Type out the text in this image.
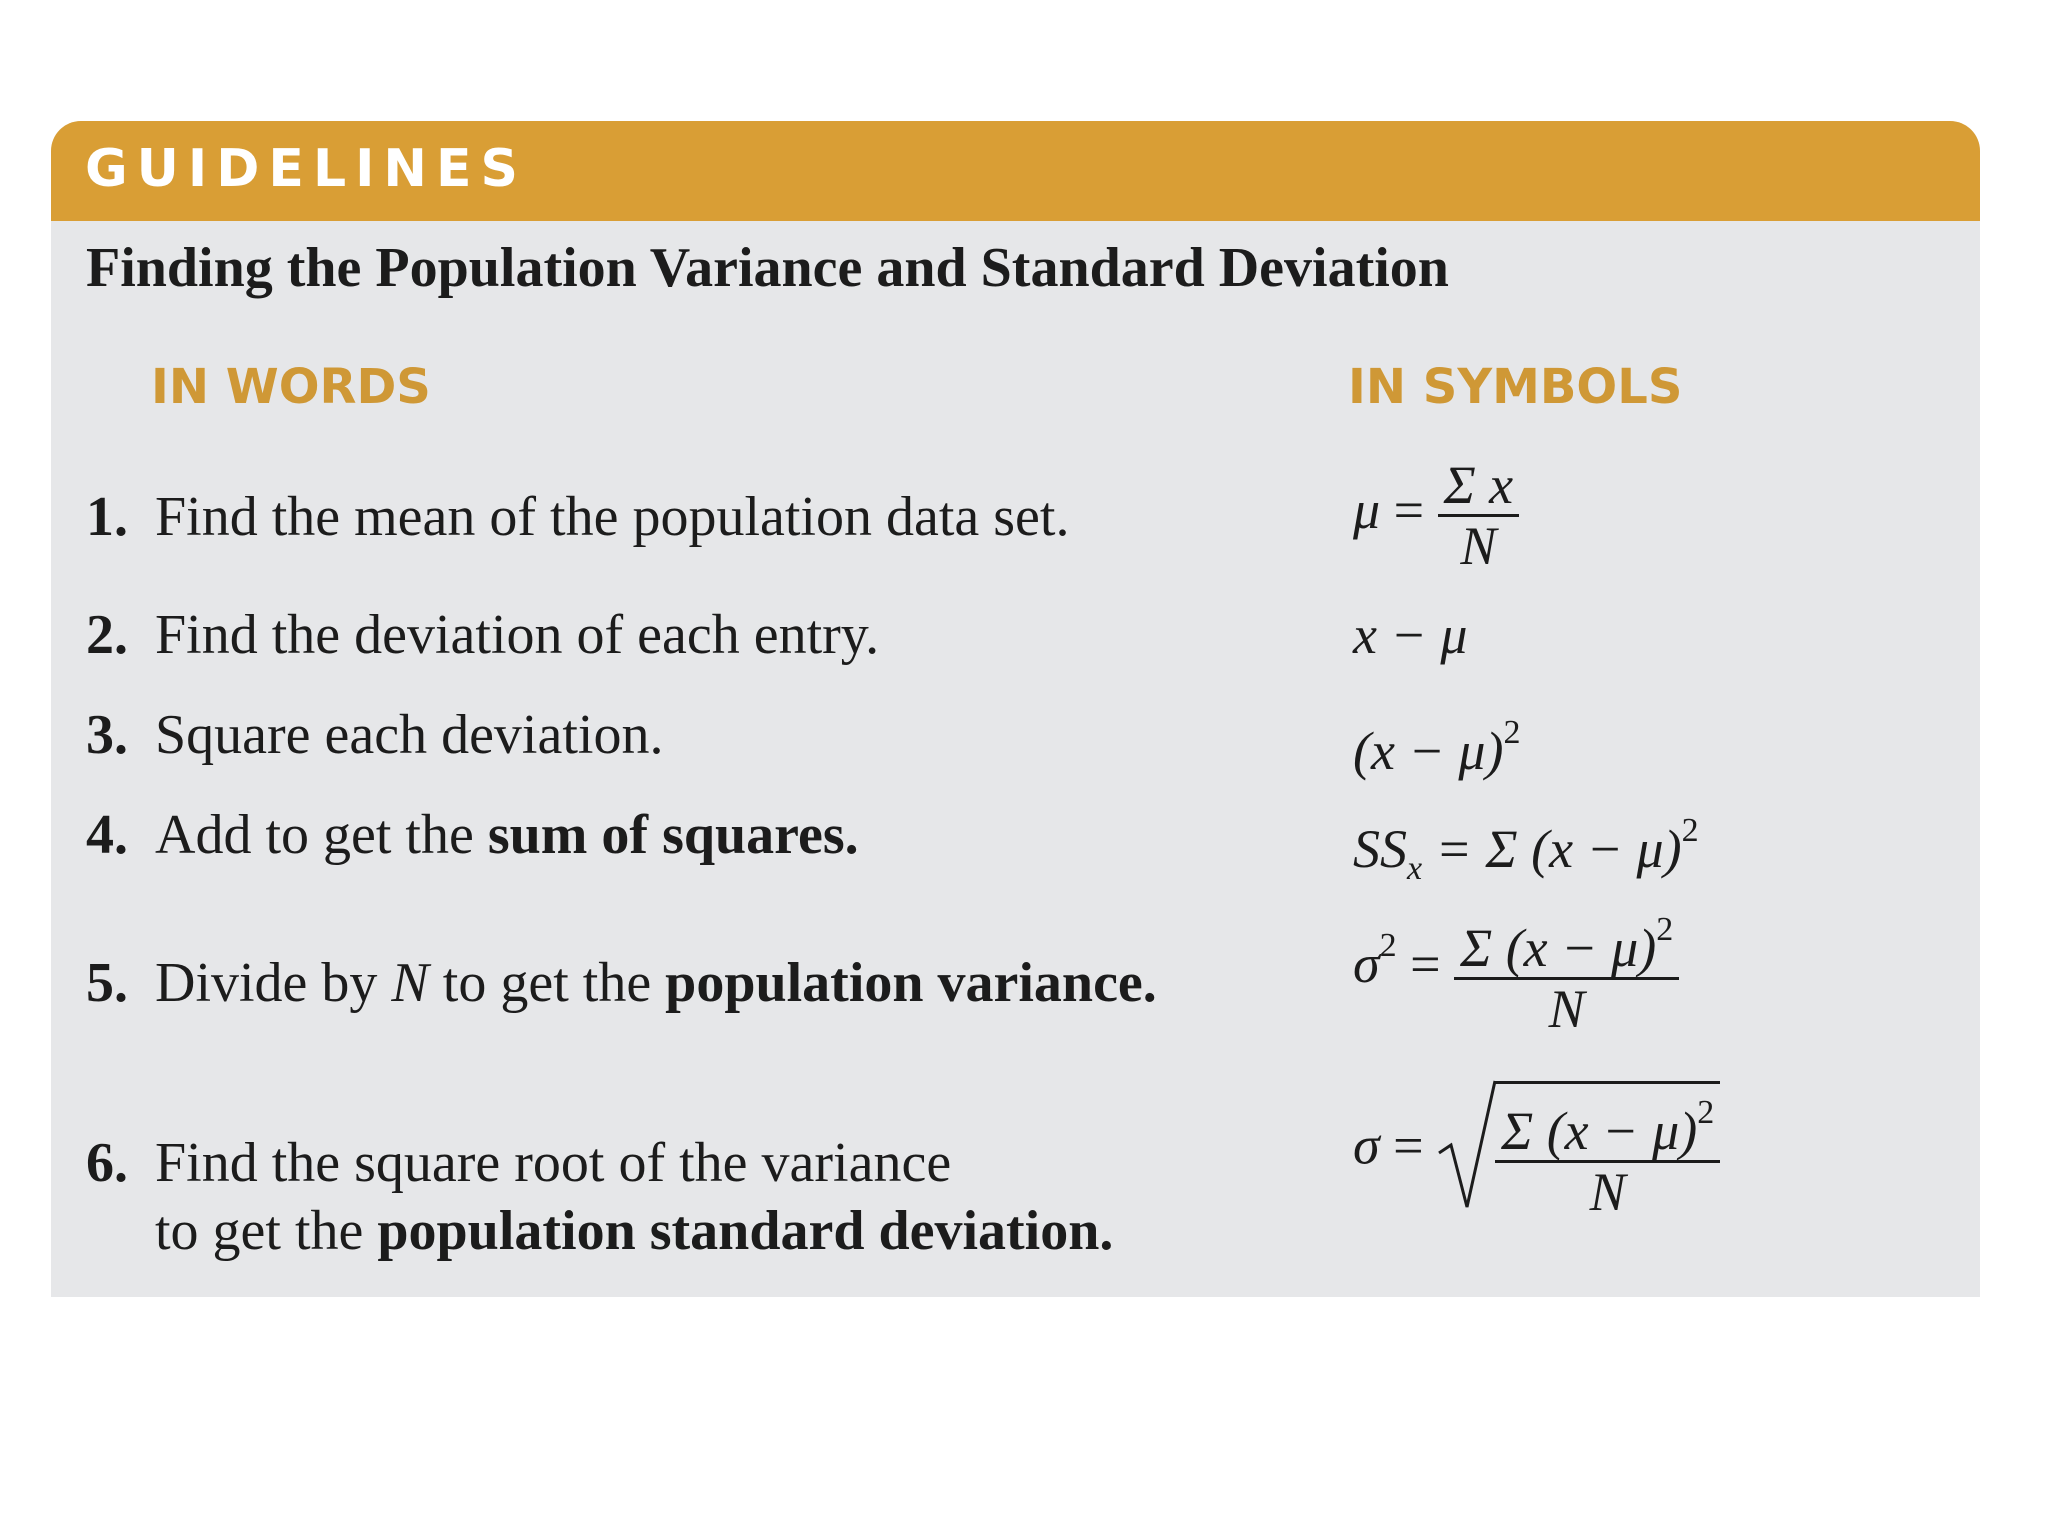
GUIDELINES
Finding the Population Variance and Standard Deviation
IN WORDS	IN SYMBOLS
1. Find the mean of the population data set.
2. Find the deviation of each entry.
3. Square each deviation.
4. Add to get the sum of squares.
5. Divide by N to get the population variance.
6. Find the square root of the variance
to get the population standard deviation.
$\mu = \frac{\text{Σ x}}{N}$
x − μ
$(x - \mu)^2$
$SS_x = \Sigma$ $(x - \mu)^2$
$\sigma^2 = \frac{\Sigma (x - \mu)^2}{N}$
$\sigma = \frac{\Sigma (x - \mu)^2}{N}$
